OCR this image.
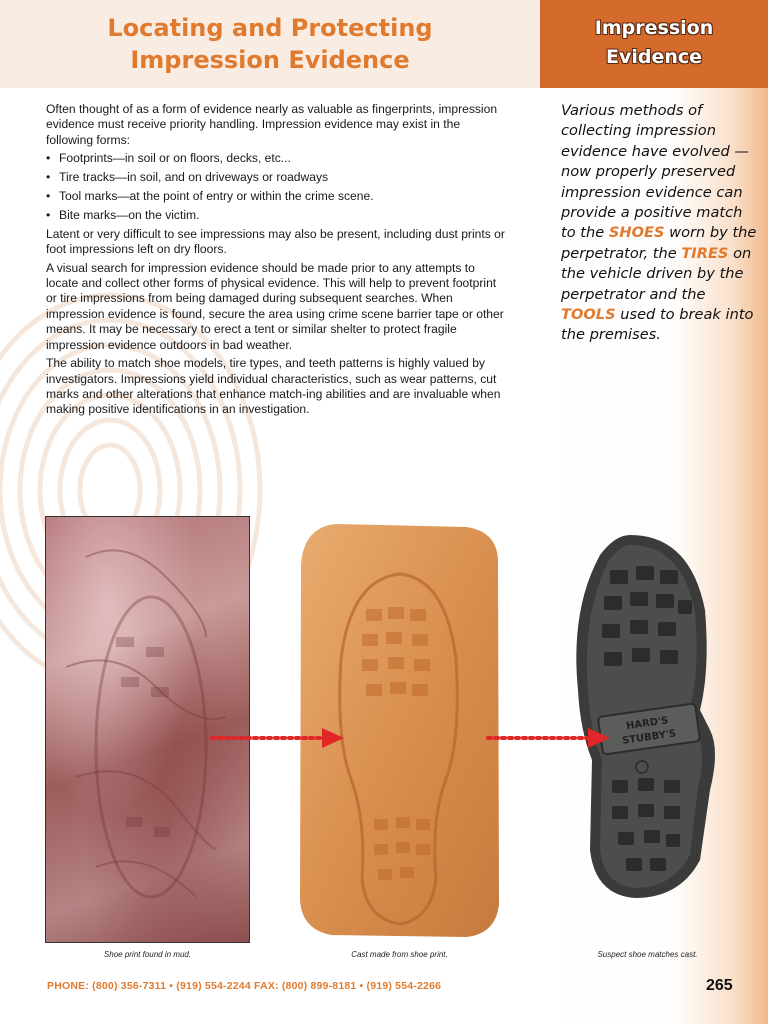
Locating and Protecting
Impression Evidence
Impression
Evidence
Various methods of collecting impression evidence have evolved —now properly preserved impression evidence can provide a positive match to the SHOES worn by the perpetrator, the TIRES on the vehicle driven by the perpetrator and the TOOLS used to break into the premises.

Often thought of as a form of evidence nearly as valuable as fingerprints, impression evidence must receive priority handling. Impression evidence may exist in the following forms:

• Footprints—in soil or on floors, decks, etc...
• Tire tracks—in soil, and on driveways or roadways
• Tool marks—at the point of entry or within the crime scene.
• Bite marks—on the victim.

Latent or very difficult to see impressions may also be present, including dust prints or foot impressions left on dry floors.

A visual search for impression evidence should be made prior to any attempts to locate and collect other forms of physical evidence. This will help to prevent footprint or tire impressions from being damaged during subsequent searches. When impression evidence is found, secure the area using crime scene barrier tape or other means. It may be necessary to erect a tent or similar shelter to protect fragile impression evidence outdoors in bad weather.

The ability to match shoe models, tire types, and teeth patterns is highly valued by investigators. Impressions yield individual characteristics, such as wear patterns, cut marks and other alterations that enhance match-ing abilities and are invaluable when making positive identifications in an investigation.

HARD'S
STUBBY'S
Shoe print found in mud.	Cast made from shoe print.	Suspect shoe matches cast.
PHONE: (800) 356-7311 • (919) 554-2244 FAX: (800) 899-8181 • (919) 554-2266	265
